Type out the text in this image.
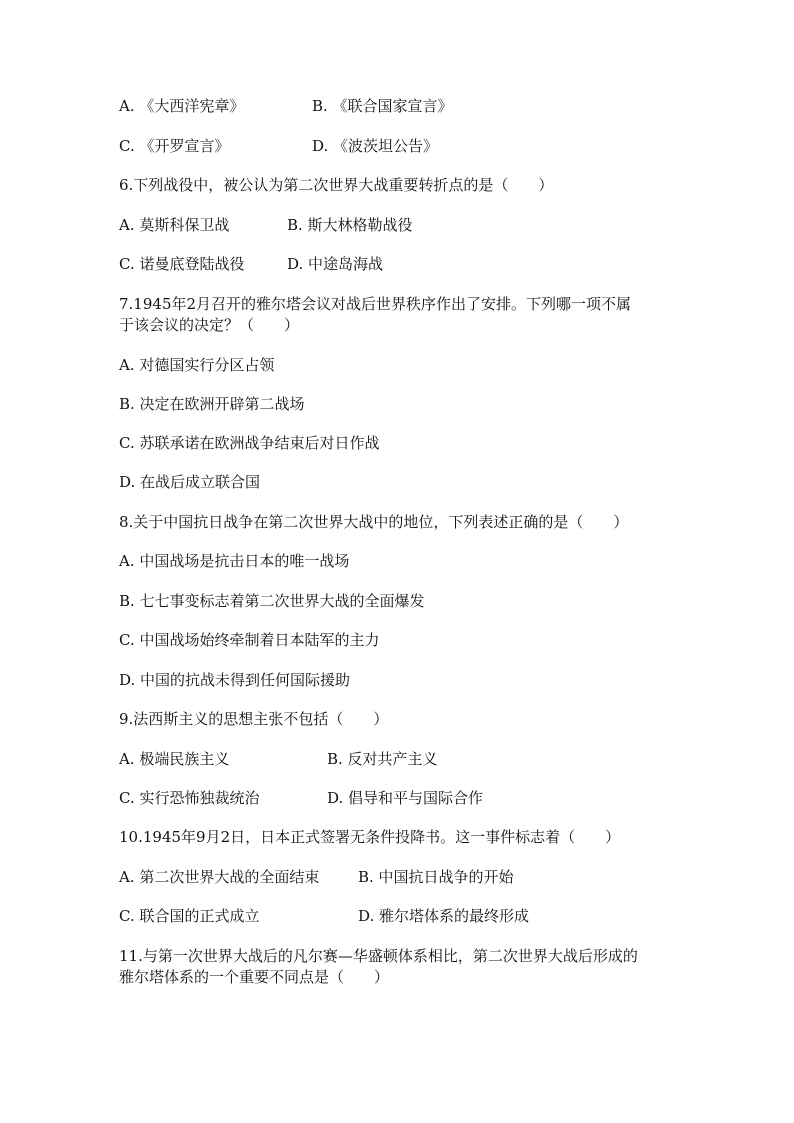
A. 《大西洋宪章》	B. 《联合国家宣言》
C. 《开罗宣言》	D. 《波茨坦公告》
6.下列战役中，被公认为第二次世界大战重要转折点的是（　　）
A. 莫斯科保卫战	B. 斯大林格勒战役
C. 诺曼底登陆战役	D. 中途岛海战
7.1945年2月召开的雅尔塔会议对战后世界秩序作出了安排。下列哪一项不属
于该会议的决定？（　　）
A. 对德国实行分区占领
B. 决定在欧洲开辟第二战场
C. 苏联承诺在欧洲战争结束后对日作战
D. 在战后成立联合国
8.关于中国抗日战争在第二次世界大战中的地位，下列表述正确的是（　　）
A. 中国战场是抗击日本的唯一战场
B. 七七事变标志着第二次世界大战的全面爆发
C. 中国战场始终牵制着日本陆军的主力
D. 中国的抗战未得到任何国际援助
9.法西斯主义的思想主张不包括（　　）
A. 极端民族主义	B. 反对共产主义
C. 实行恐怖独裁统治	D. 倡导和平与国际合作
10.1945年9月2日，日本正式签署无条件投降书。这一事件标志着（　　）
A. 第二次世界大战的全面结束	B. 中国抗日战争的开始
C. 联合国的正式成立	D. 雅尔塔体系的最终形成
11.与第一次世界大战后的凡尔赛—华盛顿体系相比，第二次世界大战后形成的
雅尔塔体系的一个重要不同点是（　　）
